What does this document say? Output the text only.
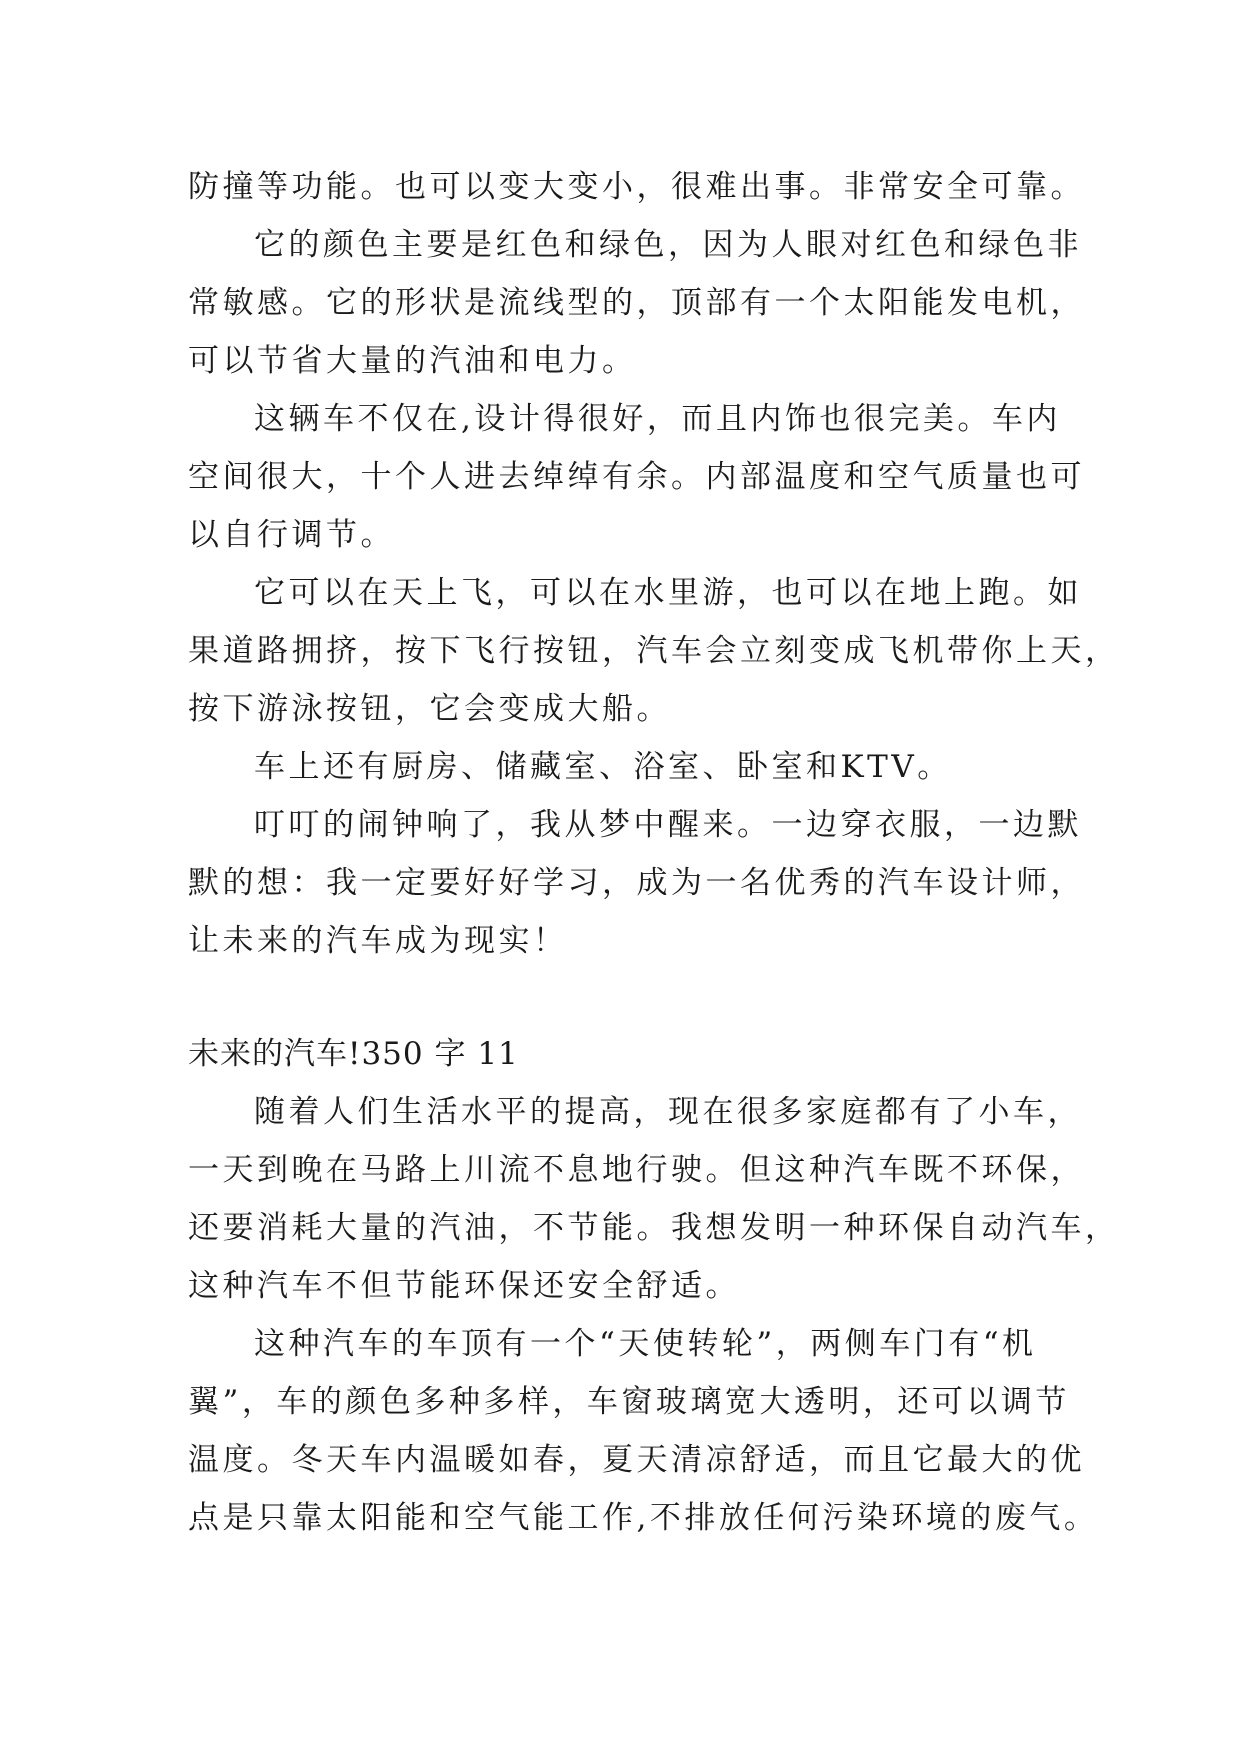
防撞等功能。也可以变大变小，很难出事。非常安全可靠。
它的颜色主要是红色和绿色，因为人眼对红色和绿色非
常敏感。它的形状是流线型的，顶部有一个太阳能发电机，
可以节省大量的汽油和电力。
这辆车不仅在,设计得很好，而且内饰也很完美。车内
空间很大，十个人进去绰绰有余。内部温度和空气质量也可
以自行调节。
它可以在天上飞，可以在水里游，也可以在地上跑。如
果道路拥挤，按下飞行按钮，汽车会立刻变成飞机带你上天，
按下游泳按钮，它会变成大船。
车上还有厨房、储藏室、浴室、卧室和KTV。
叮叮的闹钟响了，我从梦中醒来。一边穿衣服，一边默
默的想：我一定要好好学习，成为一名优秀的汽车设计师，
让未来的汽车成为现实！
未来的汽车!350 字 11
随着人们生活水平的提高，现在很多家庭都有了小车，
一天到晚在马路上川流不息地行驶。但这种汽车既不环保，
还要消耗大量的汽油，不节能。我想发明一种环保自动汽车，
这种汽车不但节能环保还安全舒适。
这种汽车的车顶有一个“天使转轮”，两侧车门有“机
翼”，车的颜色多种多样，车窗玻璃宽大透明，还可以调节
温度。冬天车内温暖如春，夏天清凉舒适，而且它最大的优
点是只靠太阳能和空气能工作,不排放任何污染环境的废气。
